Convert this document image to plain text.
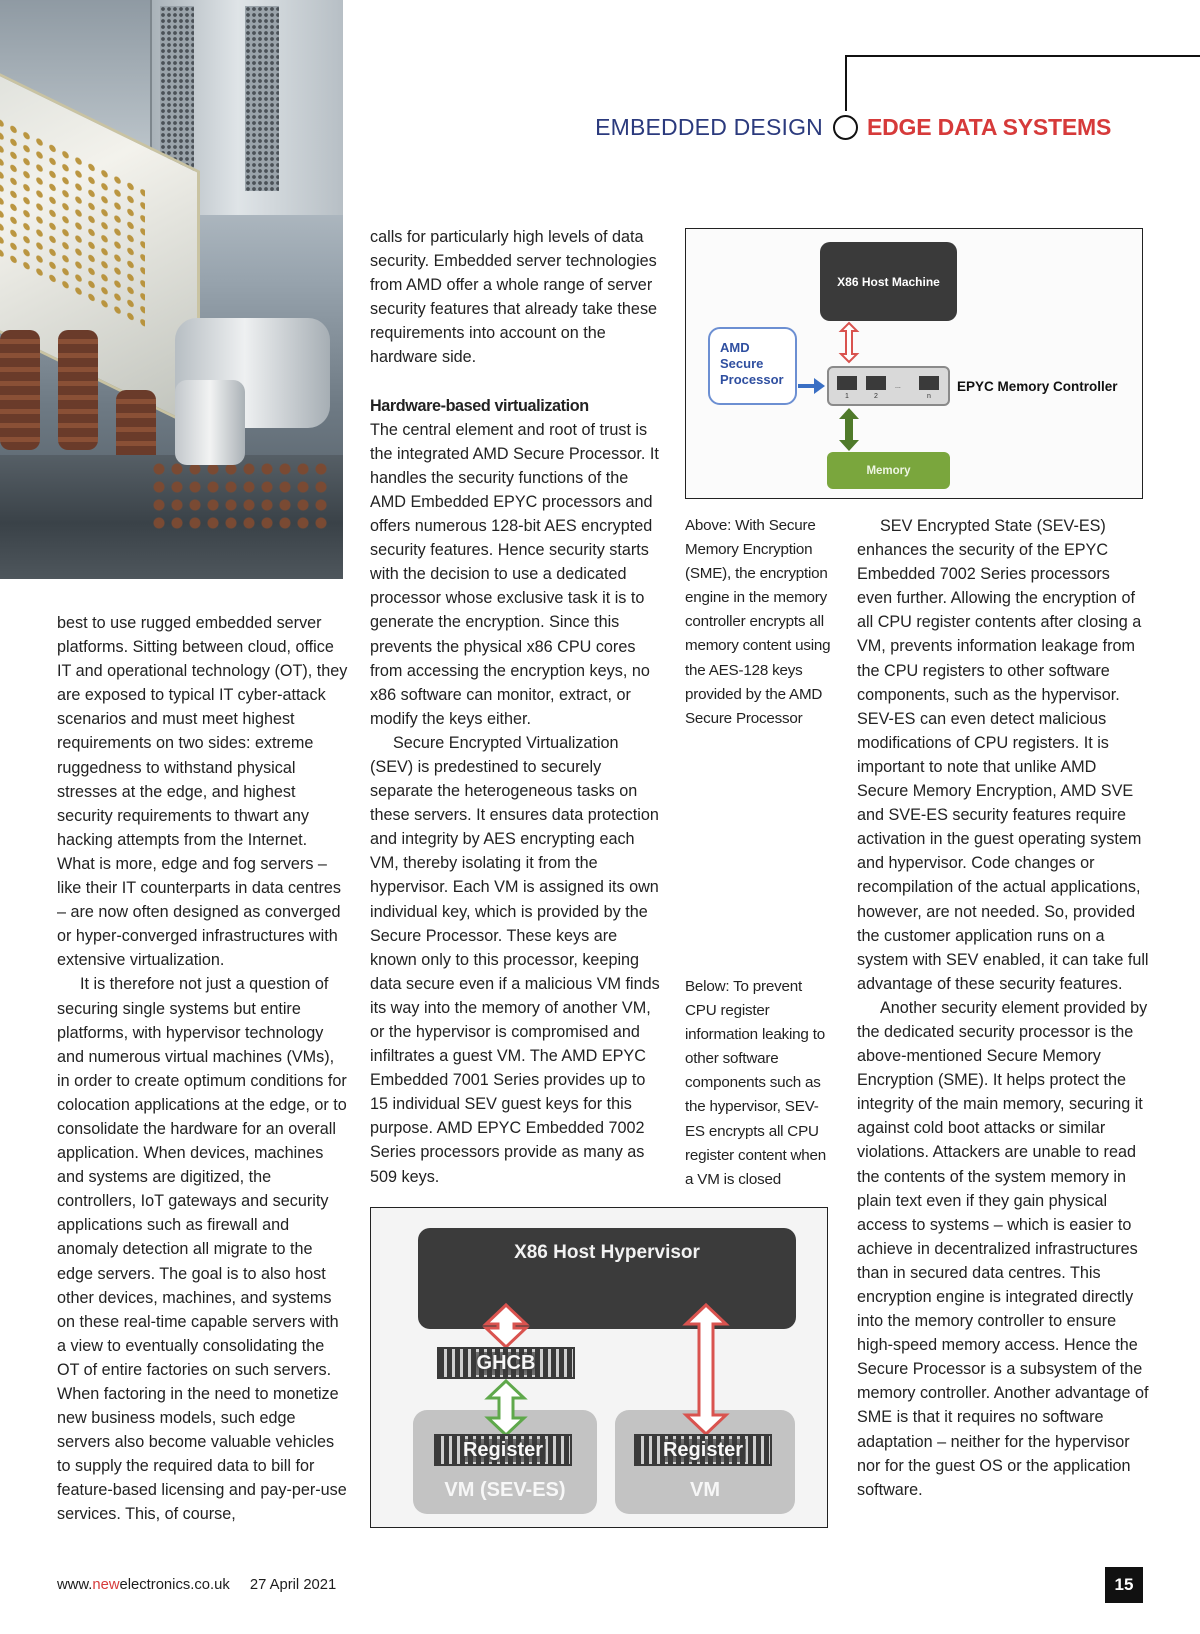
EMBEDDED DESIGN EDGE DATA SYSTEMS

best to use rugged embedded server platforms. Sitting between cloud, office IT and operational technology (OT), they are exposed to typical IT cyber-attack scenarios and must meet highest requirements on two sides: extreme ruggedness to withstand physical stresses at the edge, and highest security requirements to thwart any hacking attempts from the Internet. What is more, edge and fog servers – like their IT counterparts in data centres – are now often designed as converged or hyper-converged infrastructures with extensive virtualization.

It is therefore not just a question of securing single systems but entire platforms, with hypervisor technology and numerous virtual machines (VMs), in order to create optimum conditions for colocation applications at the edge, or to consolidate the hardware for an overall application. When devices, machines and systems are digitized, the controllers, IoT gateways and security applications such as firewall and anomaly detection all migrate to the edge servers. The goal is to also host other devices, machines, and systems on these real-time capable servers with a view to eventually consolidating the OT of entire factories on such servers. When factoring in the need to monetize new business models, such edge servers also become valuable vehicles to supply the required data to bill for feature-based licensing and pay-per-use services. This, of course,

calls for particularly high levels of data security. Embedded server technologies from AMD offer a whole range of server security features that already take these requirements into account on the hardware side.

Hardware-based virtualization

The central element and root of trust is the integrated AMD Secure Processor. It handles the security functions of the AMD Embedded EPYC processors and offers numerous 128-bit AES encrypted security features. Hence security starts with the decision to use a dedicated processor whose exclusive task it is to generate the encryption. Since this prevents the physical x86 CPU cores from accessing the encryption keys, no x86 software can monitor, extract, or modify the keys either.

Secure Encrypted Virtualization (SEV) is predestined to securely separate the heterogeneous tasks on these servers. It ensures data protection and integrity by AES encrypting each VM, thereby isolating it from the hypervisor. Each VM is assigned its own individual key, which is provided by the Secure Processor. These keys are known only to this processor, keeping data secure even if a malicious VM finds its way into the memory of another VM, or the hypervisor is compromised and infiltrates a guest VM. The AMD EPYC Embedded 7001 Series provides up to 15 individual SEV guest keys for this purpose. AMD EPYC Embedded 7002 Series processors provide as many as 509 keys.

X86 Host Machine
AMD
Secure
Processor
1	2
...
n
EPYC Memory Controller
Memory
Above: With Secure Memory Encryption (SME), the encryption engine in the memory controller encrypts all memory content using the AES-128 keys provided by the AMD Secure Processor
Below: To prevent CPU register information leaking to other software components such as the hypervisor, SEV-ES encrypts all CPU register content when a VM is closed

SEV Encrypted State (SEV-ES) enhances the security of the EPYC Embedded 7002 Series processors even further. Allowing the encryption of all CPU register contents after closing a VM, prevents information leakage from the CPU registers to other software components, such as the hypervisor. SEV-ES can even detect malicious modifications of CPU registers. It is important to note that unlike AMD Secure Memory Encryption, AMD SVE and SVE-ES security features require activation in the guest operating system and hypervisor. Code changes or recompilation of the actual applications, however, are not needed. So, provided the customer application runs on a system with SEV enabled, it can take full advantage of these security features.

Another security element provided by the dedicated security processor is the above-mentioned Secure Memory Encryption (SME). It helps protect the integrity of the main memory, securing it against cold boot attacks or similar violations. Attackers are unable to read the contents of the system memory in plain text even if they gain physical access to systems – which is easier to achieve in decentralized infrastructures than in secured data centres. This encryption engine is integrated directly into the memory controller to ensure high-speed memory access. Hence the Secure Processor is a subsystem of the memory controller. Another advantage of SME is that it requires no software adaptation – neither for the hypervisor nor for the guest OS or the application software.

X86 Host Hypervisor
VM (SEV-ES)	VM
GHCB
Register	Register
www.newelectronics.co.uk 27 April 2021	15
